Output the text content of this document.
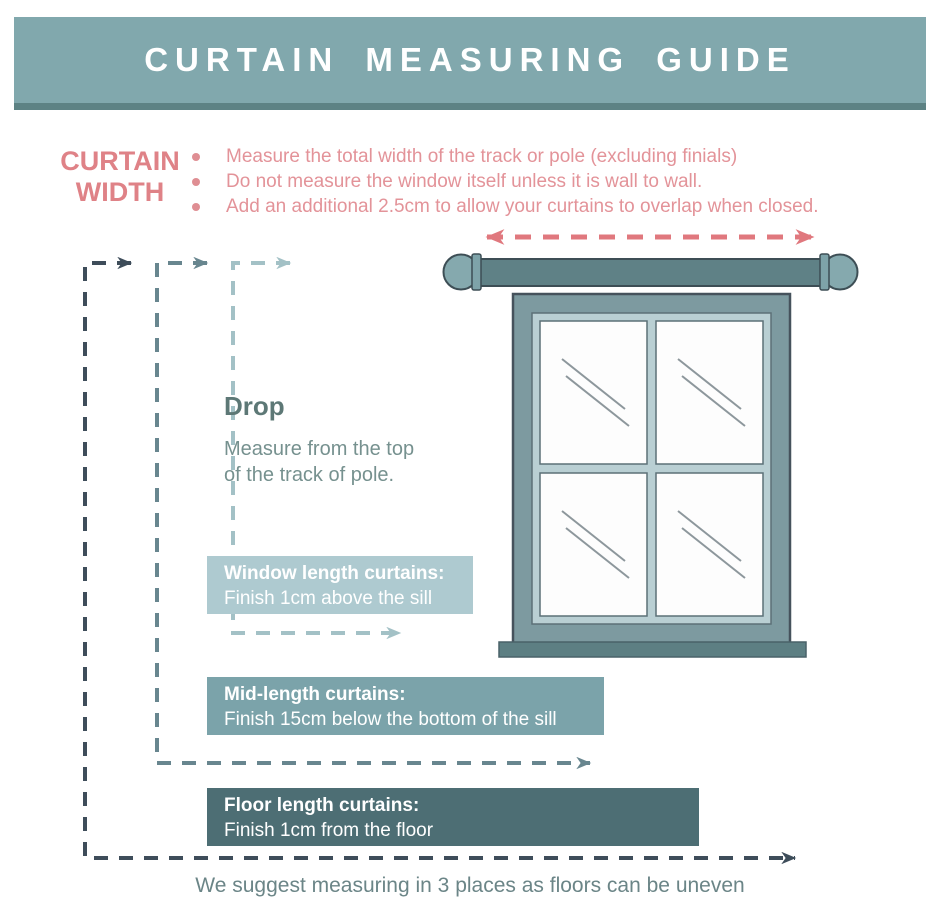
CURTAIN MEASURING GUIDE
CURTAIN
WIDTH
Measure the total width of the track or pole (excluding finials)
Do not measure the window itself unless it is wall to wall.
Add an additional 2.5cm to allow your curtains to overlap when closed.
Drop
Measure from the top
of the track of pole.
Window length curtains:
Finish 1cm above the sill
Mid-length curtains:
Finish 15cm below the bottom of the sill
Floor length curtains:
Finish 1cm from the floor
We suggest measuring in 3 places as floors can be uneven
